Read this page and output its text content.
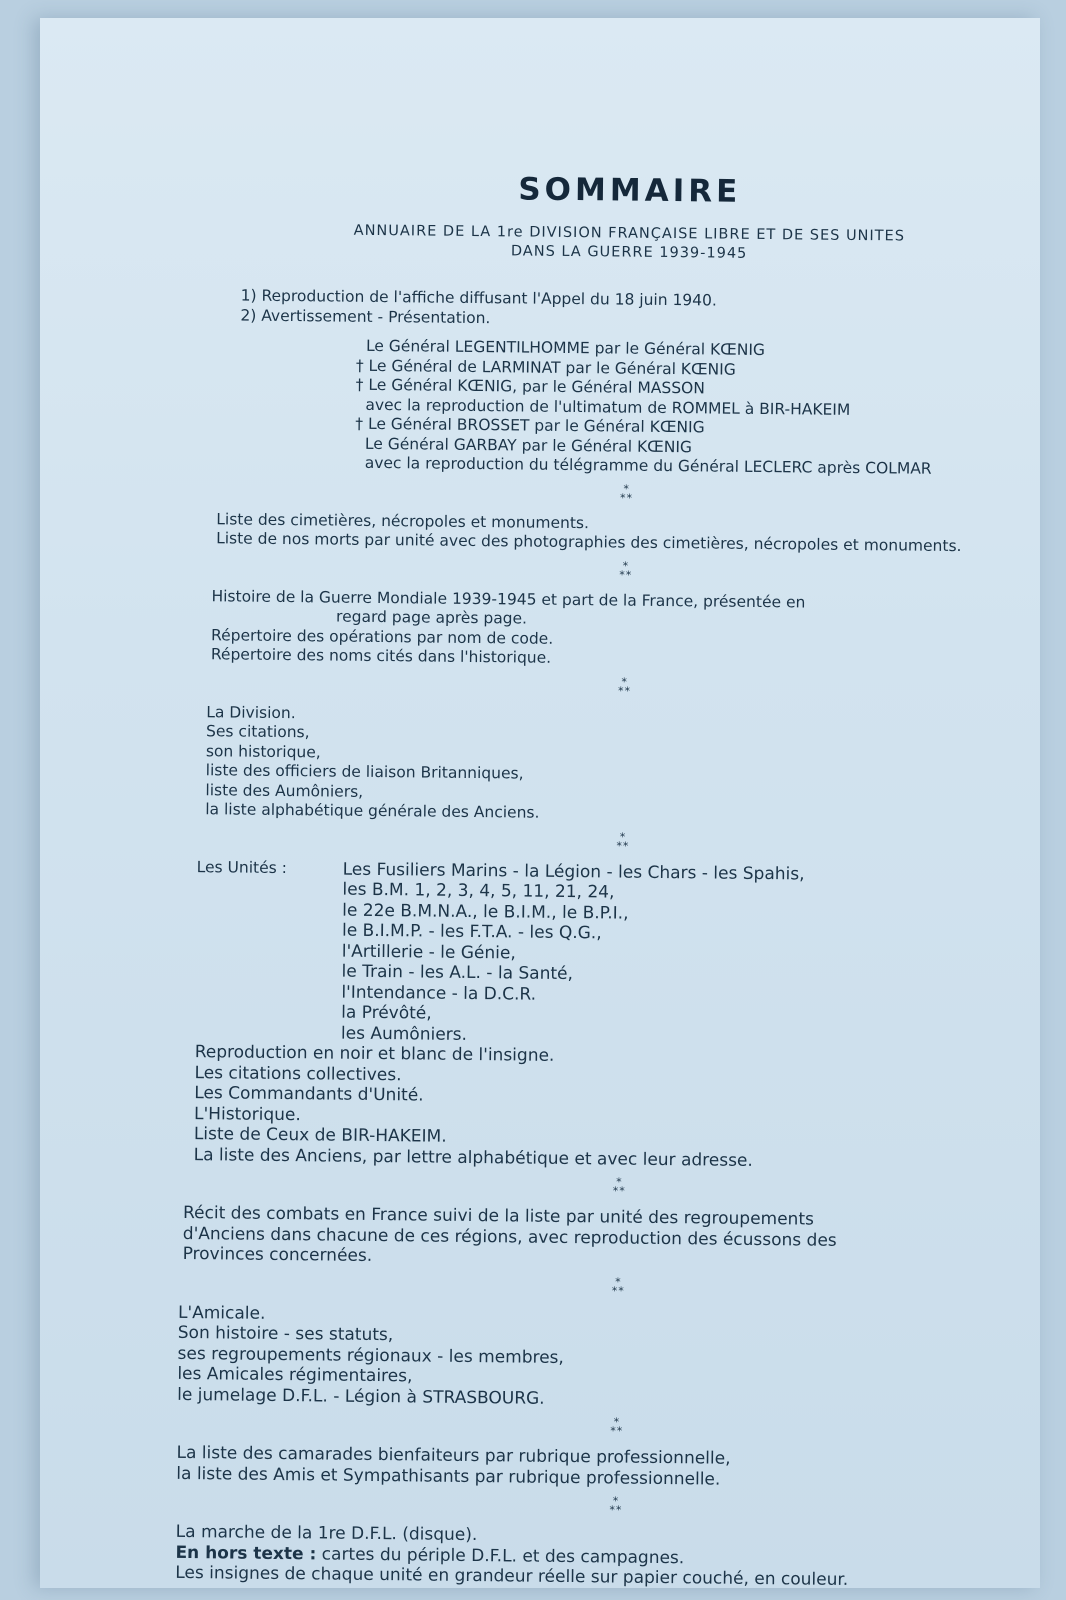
SOMMAIRE
ANNUAIRE DE LA 1re DIVISION FRANÇAISE LIBRE ET DE SES UNITES
DANS LA GUERRE 1939-1945
1) Reproduction de l'affiche diffusant l'Appel du 18 juin 1940.
2) Avertissement - Présentation.
Le Général LEGENTILHOMME par le Général KŒNIG
† Le Général de LARMINAT par le Général KŒNIG
† Le Général KŒNIG, par le Général MASSON
avec la reproduction de l'ultimatum de ROMMEL à BIR-HAKEIM
† Le Général BROSSET par le Général KŒNIG
Le Général GARBAY par le Général KŒNIG
avec la reproduction du télégramme du Général LECLERC après COLMAR
*
**
Liste des cimetières, nécropoles et monuments.
Liste de nos morts par unité avec des photographies des cimetières, nécropoles et monuments.
*
**
Histoire de la Guerre Mondiale 1939-1945 et part de la France, présentée en
regard page après page.
Répertoire des opérations par nom de code.
Répertoire des noms cités dans l'historique.
*
**
La Division.
Ses citations,
son historique,
liste des officiers de liaison Britanniques,
liste des Aumôniers,
la liste alphabétique générale des Anciens.
*
**
Les Unités :	Les Fusiliers Marins - la Légion - les Chars - les Spahis,
les B.M. 1, 2, 3, 4, 5, 11, 21, 24,
le 22e B.M.N.A., le B.I.M., le B.P.I.,
le B.I.M.P. - les F.T.A. - les Q.G.,
l'Artillerie - le Génie,
le Train - les A.L. - la Santé,
l'Intendance - la D.C.R.
la Prévôté,
les Aumôniers.
Reproduction en noir et blanc de l'insigne.
Les citations collectives.
Les Commandants d'Unité.
L'Historique.
Liste de Ceux de BIR-HAKEIM.
La liste des Anciens, par lettre alphabétique et avec leur adresse.
*
**
Récit des combats en France suivi de la liste par unité des regroupements
d'Anciens dans chacune de ces régions, avec reproduction des écussons des
Provinces concernées.
*
**
L'Amicale.
Son histoire - ses statuts,
ses regroupements régionaux - les membres,
les Amicales régimentaires,
le jumelage D.F.L. - Légion à STRASBOURG.
*
**
La liste des camarades bienfaiteurs par rubrique professionnelle,
la liste des Amis et Sympathisants par rubrique professionnelle.
*
**
La marche de la 1re D.F.L. (disque).
En hors texte : cartes du périple D.F.L. et des campagnes.
Les insignes de chaque unité en grandeur réelle sur papier couché, en couleur.
